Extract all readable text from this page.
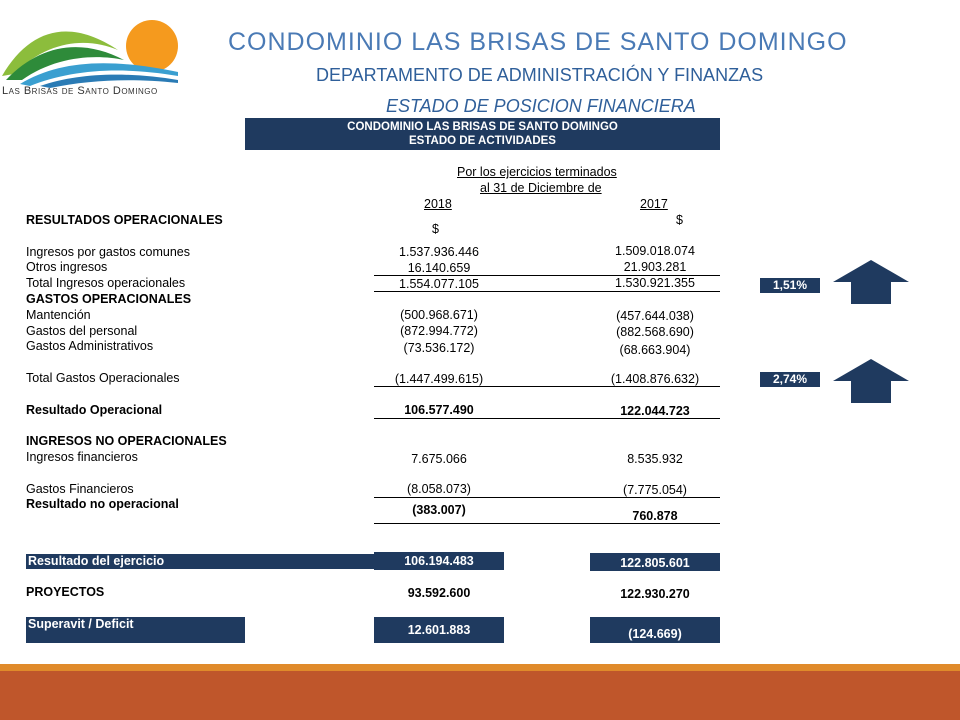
Las Brisas de Santo Domingo
CONDOMINIO LAS BRISAS DE SANTO DOMINGO
DEPARTAMENTO DE ADMINISTRACIÓN Y FINANZAS
ESTADO DE POSICION FINANCIERA
CONDOMINIO LAS BRISAS DE SANTO DOMINGO
ESTADO DE ACTIVIDADES
Por los ejercicios terminados
al 31 de Diciembre de
2018	2017
$
$
RESULTADOS OPERACIONALES
Ingresos por gastos comunes	1.537.936.446	1.509.018.074
Otros ingresos	16.140.659	21.903.281
Total Ingresos operacionales	1.554.077.105	1.530.921.355	1,51%
GASTOS OPERACIONALES
Mantención	(500.968.671)	(457.644.038)
Gastos del personal	(872.994.772)	(882.568.690)
Gastos Administrativos	(73.536.172)	(68.663.904)
Total Gastos Operacionales	(1.447.499.615)	(1.408.876.632)	2,74%
Resultado Operacional	106.577.490	122.044.723
INGRESOS NO OPERACIONALES
Ingresos financieros	7.675.066	8.535.932
Gastos Financieros	(8.058.073)	(7.775.054)
Resultado no operacional	(383.007)	760.878
Resultado del ejercicio	106.194.483	122.805.601
PROYECTOS	93.592.600	122.930.270
Superavit / Deficit	12.601.883	(124.669)
